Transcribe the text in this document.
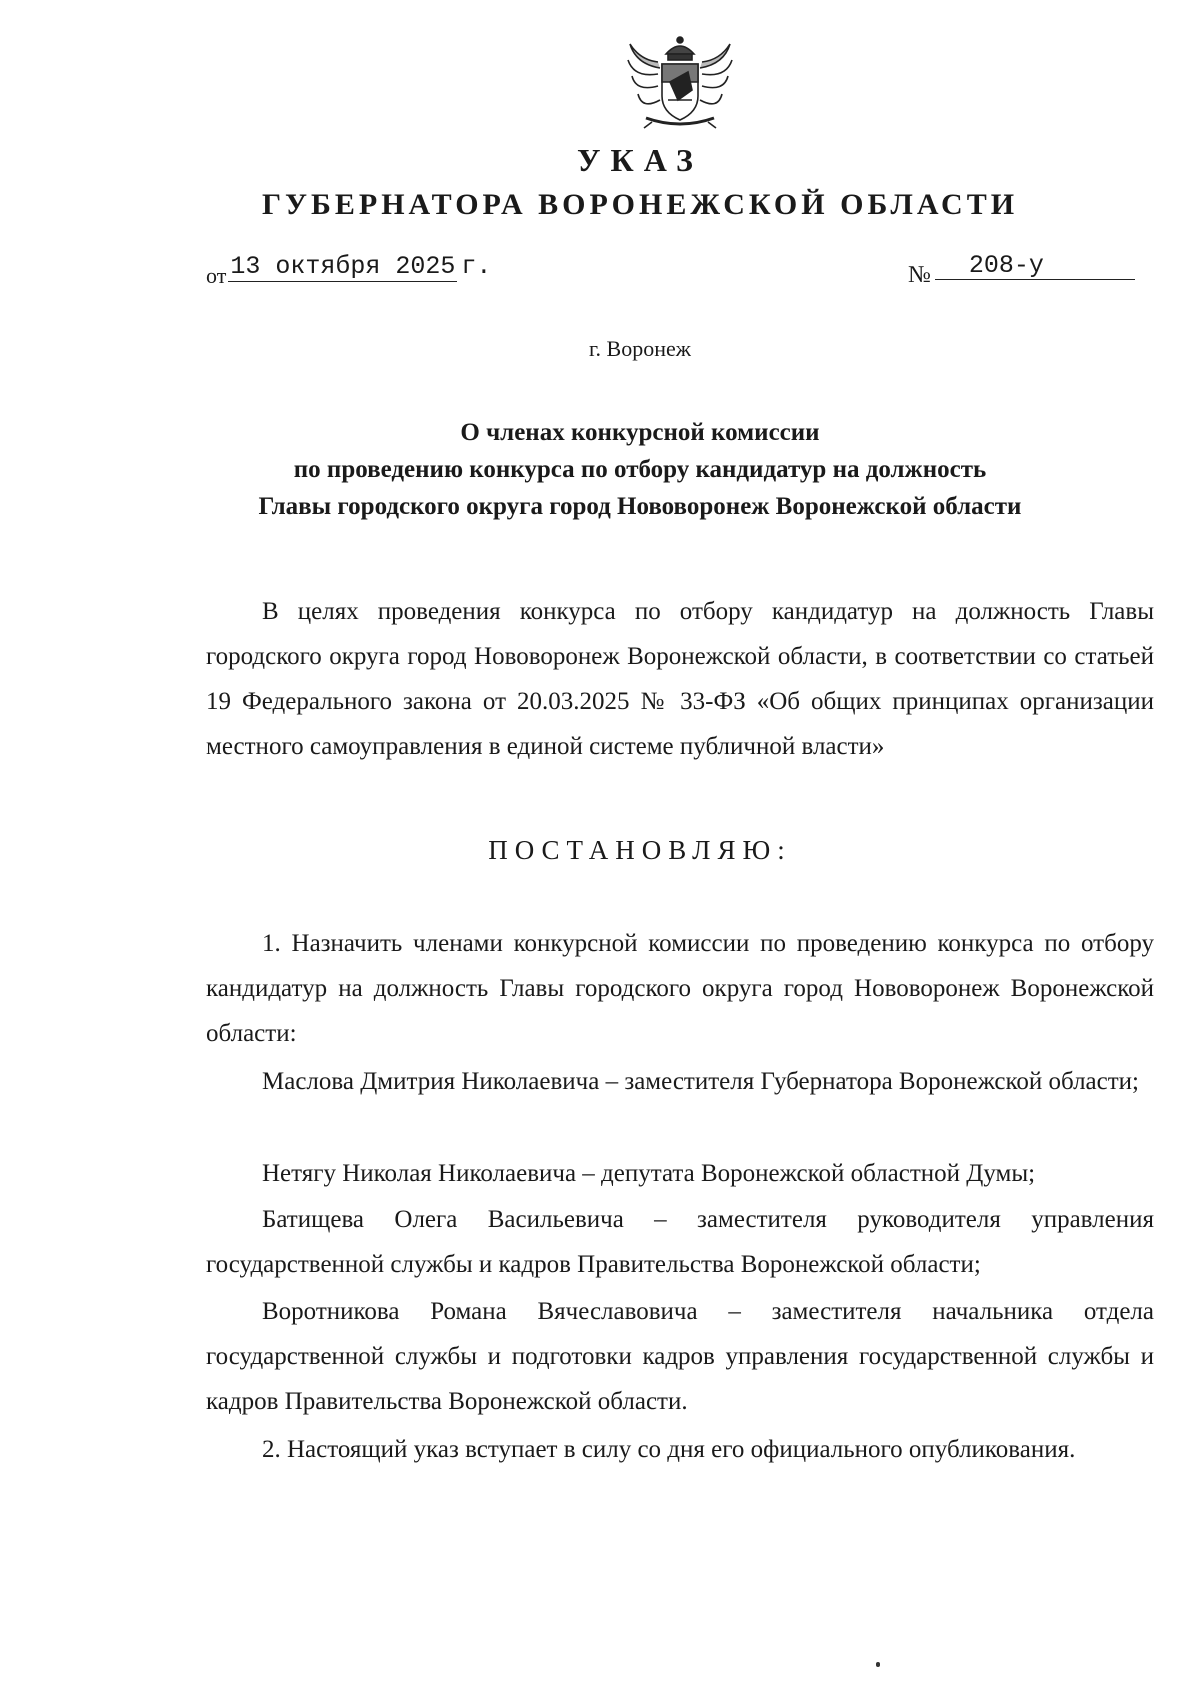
УКАЗ
ГУБЕРНАТОРА ВОРОНЕЖСКОЙ ОБЛАСТИ
от 13 октября 2025 г.	№ 208-у
г. Воронеж
О членах конкурсной комиссии
по проведению конкурса по отбору кандидатур на должность
Главы городского округа город Нововоронеж Воронежской области
В целях проведения конкурса по отбору кандидатур на должность Главы городского округа город Нововоронеж Воронежской области, в соответствии со статьей 19 Федерального закона от 20.03.2025 № 33-ФЗ «Об общих принципах организации местного самоуправления в единой системе публичной власти»
ПОСТАНОВЛЯЮ:
1. Назначить членами конкурсной комиссии по проведению конкурса по отбору кандидатур на должность Главы городского округа город Нововоронеж Воронежской области:
Маслова Дмитрия Николаевича – заместителя Губернатора Воронежской области;
Нетягу Николая Николаевича – депутата Воронежской областной Думы;
Батищева Олега Васильевича – заместителя руководителя управления государственной службы и кадров Правительства Воронежской области;
Воротникова Романа Вячеславовича – заместителя начальника отдела государственной службы и подготовки кадров управления государственной службы и кадров Правительства Воронежской области.
2. Настоящий указ вступает в силу со дня его официального опубликования.
